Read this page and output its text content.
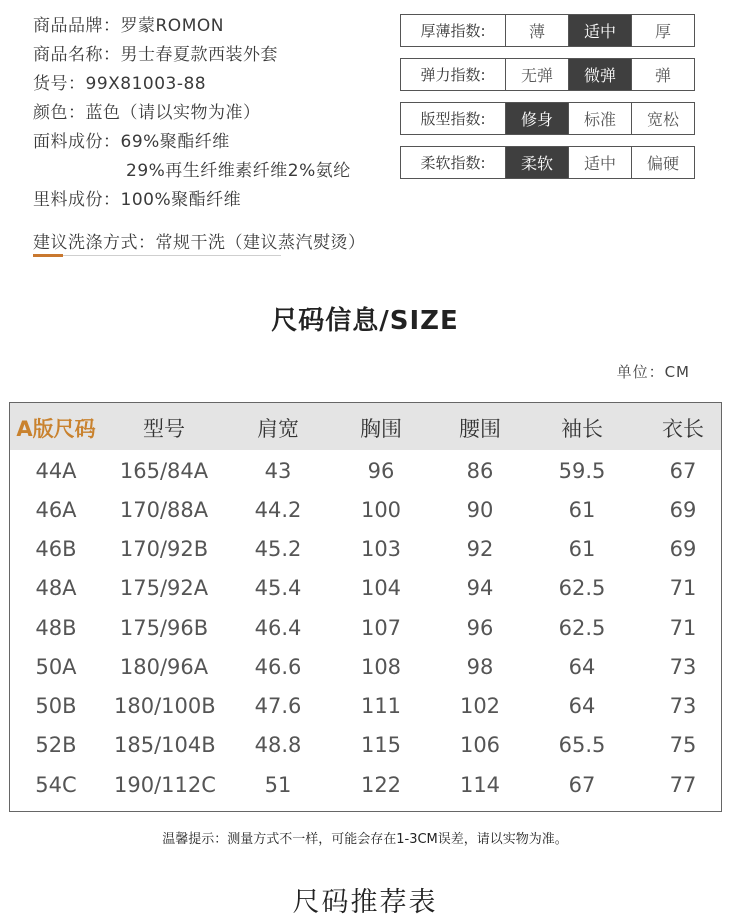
商品品牌：罗蒙ROMON
商品名称：男士春夏款西装外套
货号：99X81003-88
颜色：蓝色（请以实物为准）
面料成份：69%聚酯纤维
29%再生纤维素纤维2%氨纶
里料成份：100%聚酯纤维
建议洗涤方式：常规干洗（建议蒸汽熨烫）
厚薄指数:	薄	适中	厚
弹力指数:	无弹	微弹	弹
版型指数:	修身	标准	宽松
柔软指数:	柔软	适中	偏硬
尺码信息/SIZE
单位：CM
A版尺码	型号	肩宽	胸围	腰围	袖长	衣长
44A	165/84A	43	96	86	59.5	67
46A	170/88A	44.2	100	90	61	69
46B	170/92B	45.2	103	92	61	69
48A	175/92A	45.4	104	94	62.5	71
48B	175/96B	46.4	107	96	62.5	71
50A	180/96A	46.6	108	98	64	73
50B	180/100B	47.6	111	102	64	73
52B	185/104B	48.8	115	106	65.5	75
54C	190/112C	51	122	114	67	77
温馨提示：测量方式不一样，可能会存在1-3CM误差，请以实物为准。
尺码推荐表
